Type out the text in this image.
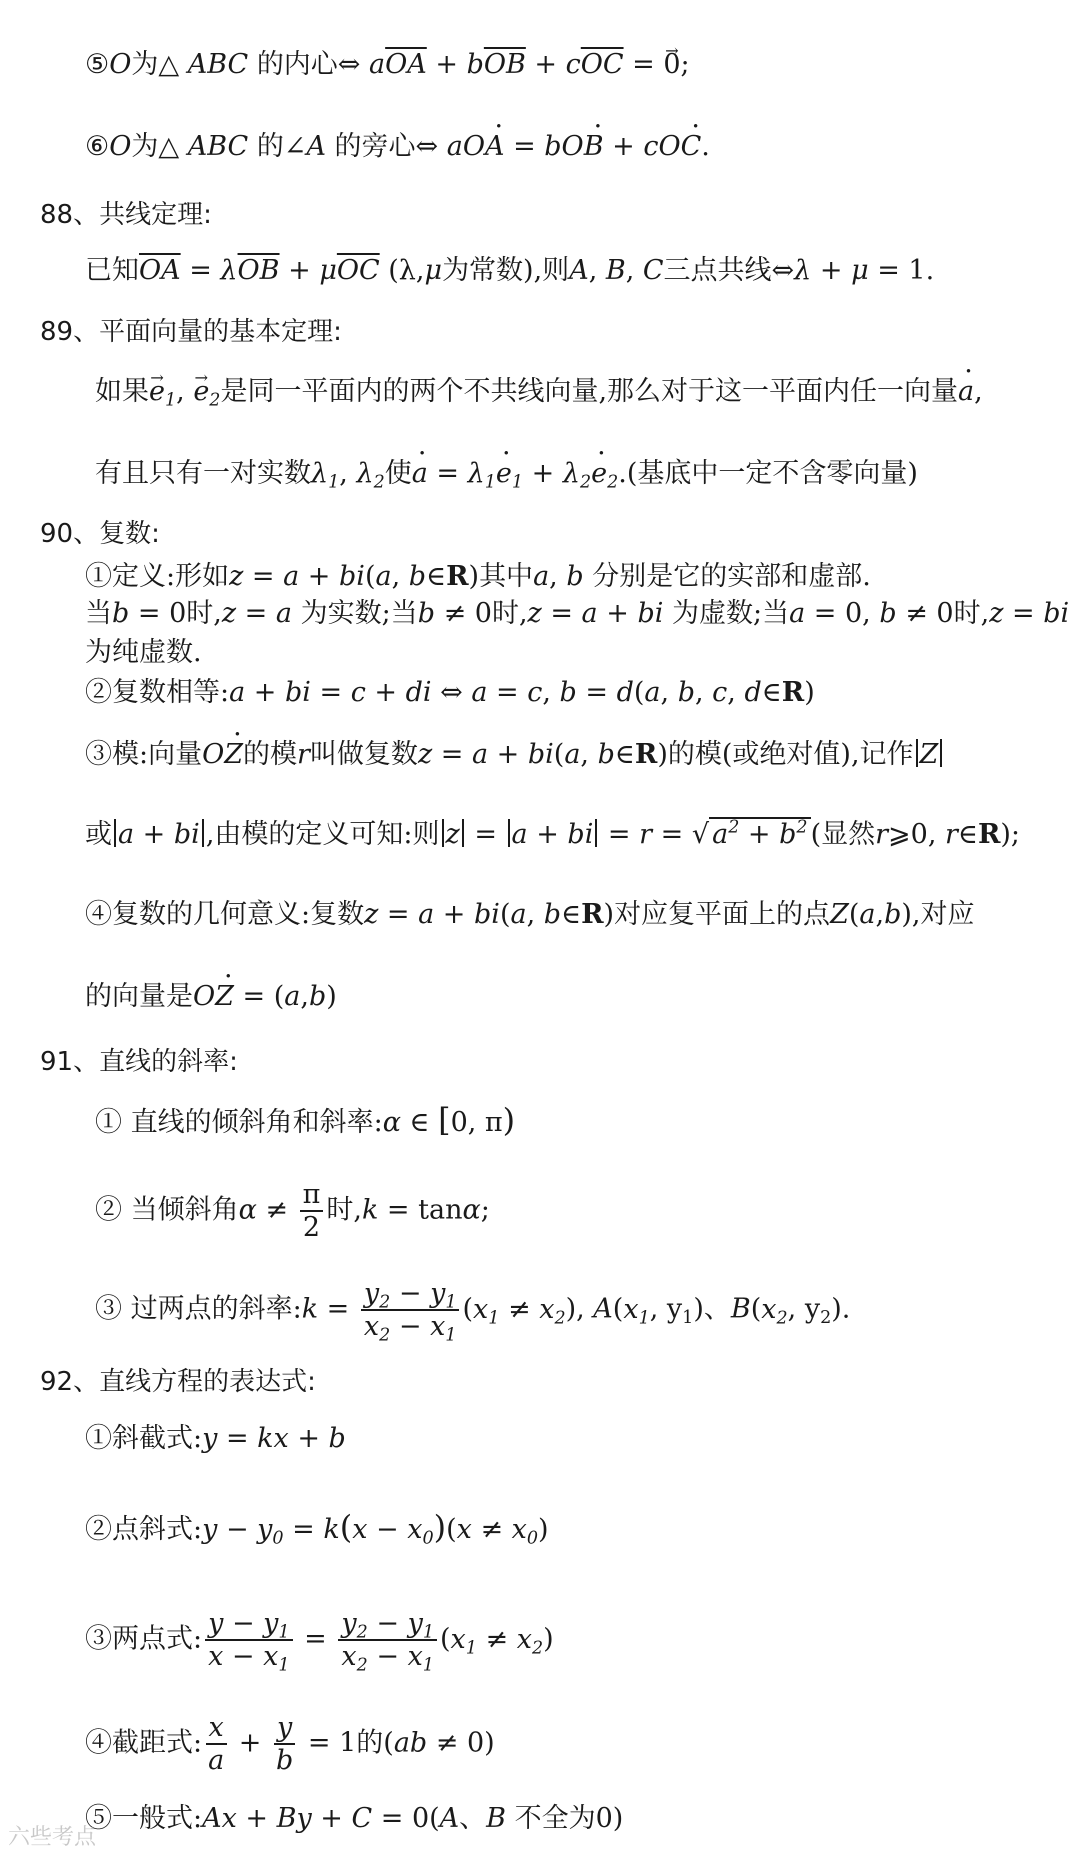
⑤O为△ ABC 的内心⇔ $a\overline{OA} + b\overline{OB} + c\overline{OC}$ = → 0;
⑥O为△ ABC 的∠A 的旁心⇔ aO· A = bO· B + cO· C.
88、共线定理:
已知$\overline{OA} = \lambda\overline{OB} + \mu\overline{OC}$ (λ,μ为常数),则A, B, C三点共线⇔λ + μ = 1.
89、平面向量的基本定理:
如果→ $e_1$, → $e_2$是同一平面内的两个不共线向量,那么对于这一平面内任一向量· a,
有且只有一对实数$\lambda_1$, $\lambda_2$使· $a = \lambda_1\cdot e_1 + \lambda_2\cdot e_2$.(基底中一定不含零向量)
90、复数:
①定义:形如z = a + bi(a, b∈R)其中a, b 分别是它的实部和虚部.
当b = 0时,z = a 为实数;当b ≠ 0时,z = a + bi 为虚数;当a = 0, b ≠ 0时,z = bi
为纯虚数.
②复数相等:a + bi = c + di ⇔ a = c, b = d(a, b, c, d∈R)
③模:向量O· Z的模r叫做复数z = a + bi(a, b∈R)的模(或绝对值),记作 Z
或 a + bi ,由模的定义可知:则 z = a + bi = r = √ $a^2 + b^2$ (显然r⩾0, r∈R);
④复数的几何意义:复数z = a + bi(a, b∈R)对应复平面上的点Z(a,b),对应
的向量是O· Z = (a,b)
91、直线的斜率:
① 直线的倾斜角和斜率:α ∈ [0, π)
② 当倾斜角$\alpha \ne \frac{\pi}{2}$ 时,k = tanα;
③ 过两点的斜率:k = $\frac{y_2 - y_1}{x_2 - x_1} (x_1 \ne x_2)$, $A(x_1$, $y_1$)、$B(x_2$, $y_2$).
92、直线方程的表达式:
①斜截式:y = kx + b
②点斜式:y − $y_0 = k(x - x_0)(x \ne x_0)$
③两点式: $\frac{y - y_1}{x - x_1} = \frac{y_2 - y_1}{x_2 - x_1} (x_1 \ne x_2)$
④截距式: $\frac{x}{a} + \frac{y}{b} = 1$的(ab ≠ 0)
⑤一般式:Ax + By + C = 0(A、B 不全为0)
六些考点
